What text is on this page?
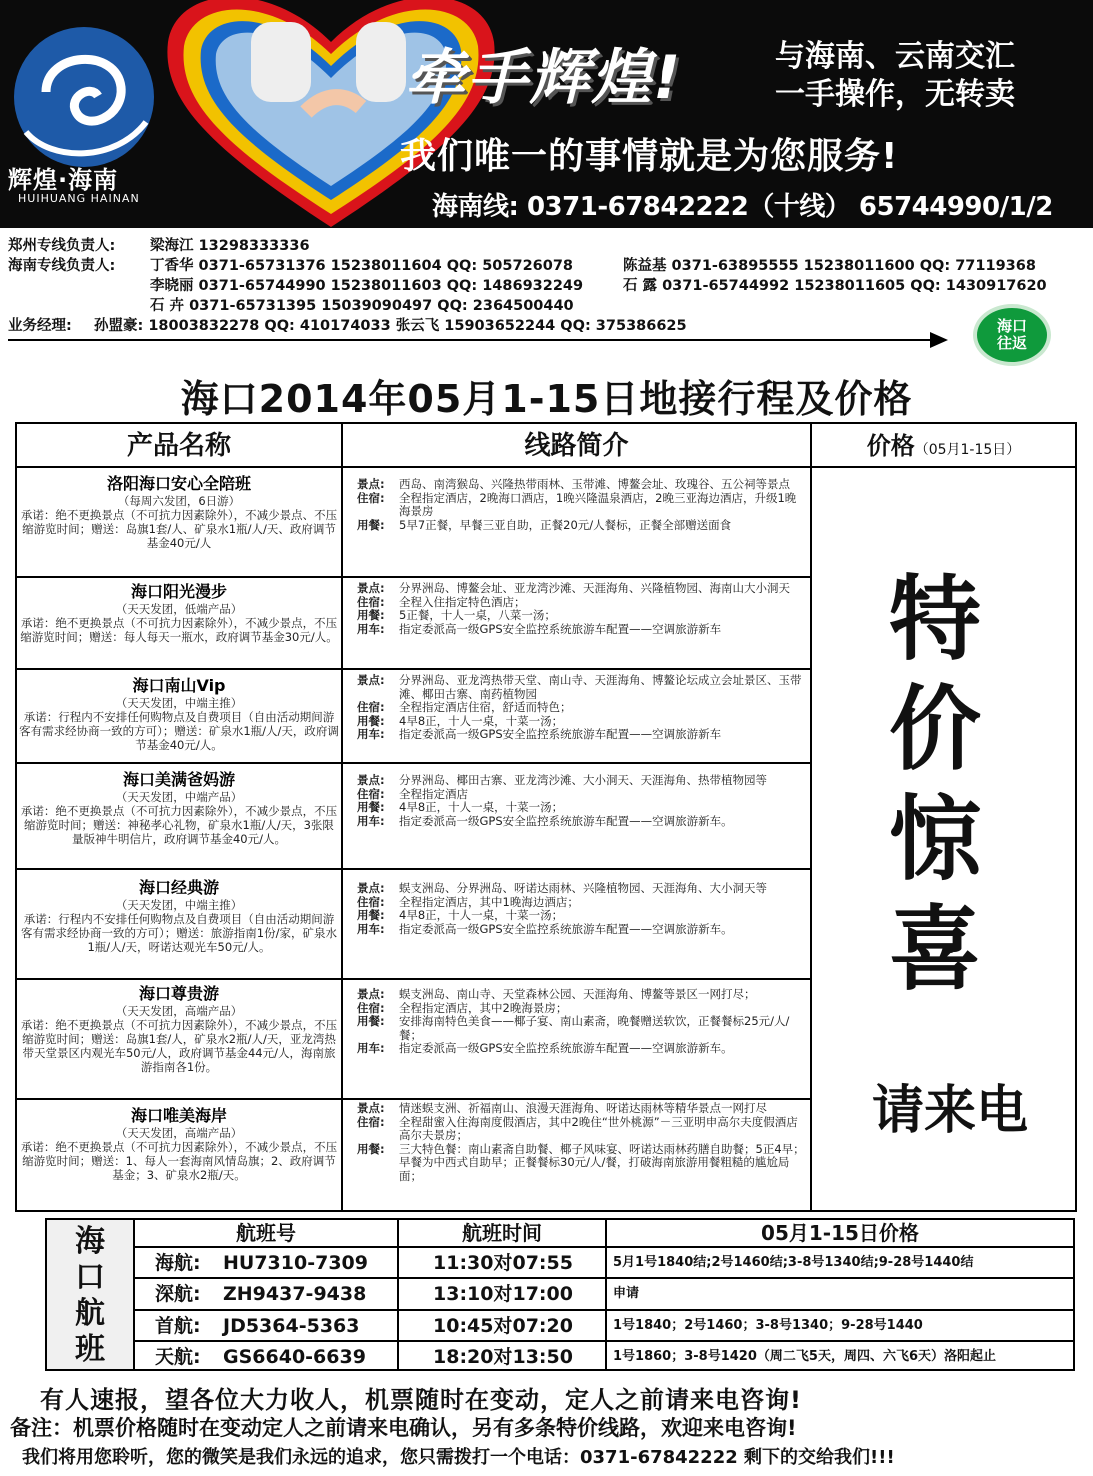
辉煌·海南
HUIHUANG HAINAN
牵手辉煌!	与海南、云南交汇
一手操作，无转卖
我们唯一的事情就是为您服务!
海南线: 0371-67842222（十线） 65744990/1/2
郑州专线负责人: 梁海江 13298333336
海南专线负责人: 丁香华 0371-65731376 15238011604 QQ: 505726078	陈益基 0371-63895555 15238011600 QQ: 77119368
李晓丽 0371-65744990 15238011603 QQ: 1486932249	石 露 0371-65744992 15238011605 QQ: 1430917620
石 卉 0371-65731395 15039090497 QQ: 2364500440
业务经理: 孙盟豪: 18003832278 QQ: 410174033 张云飞 15903652244 QQ: 375386625	海口
往返
海口2014年05月1-15日地接行程及价格
产品名称	线路简介	价格（05月1-15日）
洛阳海口安心全陪班
（每周六发团，6日游）
承诺：绝不更换景点（不可抗力因素除外），不减少景点、不压缩游览时间；赠送：岛旗1套/人、矿泉水1瓶/人/天、政府调节基金40元/人
景点: 西岛、南湾猴岛、兴隆热带雨林、玉带滩、博鳌会址、玫瑰谷、五公祠等景点
住宿: 全程指定酒店，2晚海口酒店，1晚兴隆温泉酒店，2晚三亚海边酒店，升级1晚海景房
用餐: 5早7正餐，早餐三亚自助，正餐20元/人餐标，正餐全部赠送面食
海口阳光漫步
（天天发团，低端产品）
承诺：绝不更换景点（不可抗力因素除外），不减少景点，不压缩游览时间；赠送：每人每天一瓶水，政府调节基金30元/人。
景点: 分界洲岛、博鳌会址、亚龙湾沙滩、天涯海角、兴隆植物园、海南山大小洞天
住宿: 全程入住指定特色酒店；
用餐: 5正餐，十人一桌，八菜一汤；
用车: 指定委派高一级GPS安全监控系统旅游车配置——空调旅游新车
海口南山Vip
（天天发团，中端主推）
承诺：行程内不安排任何购物点及自费项目（自由活动期间游客有需求经协商一致的方可）；赠送：矿泉水1瓶/人/天，政府调节基金40元/人。
景点: 分界洲岛、亚龙湾热带天堂、南山寺、天涯海角、博鳌论坛成立会址景区、玉带滩、椰田古寨、南药植物园
住宿: 全程指定酒店住宿，舒适而特色；
用餐: 4早8正，十人一桌，十菜一汤；
用车: 指定委派高一级GPS安全监控系统旅游车配置——空调旅游新车
海口美满爸妈游
（天天发团，中端产品）
承诺：绝不更换景点（不可抗力因素除外），不减少景点，不压缩游览时间；赠送：神秘孝心礼物，矿泉水1瓶/人/天，3张限量版神牛明信片，政府调节基金40元/人。
景点: 分界洲岛、椰田古寨、亚龙湾沙滩、大小洞天、天涯海角、热带植物园等
住宿: 全程指定酒店
用餐: 4早8正，十人一桌，十菜一汤；
用车: 指定委派高一级GPS安全监控系统旅游车配置——空调旅游新车。
海口经典游
（天天发团，中端主推）
承诺：行程内不安排任何购物点及自费项目（自由活动期间游客有需求经协商一致的方可）；赠送：旅游指南1份/家，矿泉水1瓶/人/天，呀诺达观光车50元/人。
景点: 蜈支洲岛、分界洲岛、呀诺达雨林、兴隆植物园、天涯海角、大小洞天等
住宿: 全程指定酒店，其中1晚海边酒店；
用餐: 4早8正，十人一桌，十菜一汤；
用车: 指定委派高一级GPS安全监控系统旅游车配置——空调旅游新车。
海口尊贵游
（天天发团，高端产品）
承诺：绝不更换景点（不可抗力因素除外），不减少景点，不压缩游览时间；赠送：岛旗1套/人，矿泉水2瓶/人/天，亚龙湾热带天堂景区内观光车50元/人，政府调节基金44元/人，海南旅游指南各1份。
景点: 蜈支洲岛、南山寺、天堂森林公园、天涯海角、博鳌等景区一网打尽；
住宿: 全程指定酒店，其中2晚海景房；
用餐: 安排海南特色美食——椰子宴、南山素斋，晚餐赠送软饮，正餐餐标25元/人/餐；
用车: 指定委派高一级GPS安全监控系统旅游车配置——空调旅游新车。
海口唯美海岸
（天天发团，高端产品）
承诺：绝不更换景点（不可抗力因素除外），不减少景点，不压缩游览时间；赠送：1、每人一套海南风情岛旗；2、政府调节基金；3、矿泉水2瓶/天。
景点: 情迷蜈支洲、祈福南山、浪漫天涯海角、呀诺达雨林等精华景点一网打尽
住宿: 全程甜蜜入住海南度假酒店，其中2晚住“世外桃源”－三亚明申高尔夫度假酒店高尔夫景房；
用餐: 三大特色餐：南山素斋自助餐、椰子风味宴、呀诺达雨林药膳自助餐；5正4早；早餐为中西式自助早；正餐餐标30元/人/餐，打破海南旅游用餐粗糙的尴尬局面；
特
价
惊
喜
请来电
海
口
航
班
航班号	航班时间	05月1-15日价格
海航: HU7310-7309	11:30对07:55	5月1号1840结;2号1460结;3-8号1340结;9-28号1440结
深航: ZH9437-9438	13:10对17:00	申请
首航: JD5364-5363	10:45对07:20	1号1840；2号1460；3-8号1340；9-28号1440
天航: GS6640-6639	18:20对13:50	1号1860；3-8号1420（周二飞5天，周四、六飞6天）洛阳起止
有人速报，望各位大力收人，机票随时在变动，定人之前请来电咨询!
备注：机票价格随时在变动定人之前请来电确认，另有多条特价线路，欢迎来电咨询!
我们将用您聆听，您的微笑是我们永远的追求，您只需拨打一个电话：0371-67842222 剩下的交给我们!!!
